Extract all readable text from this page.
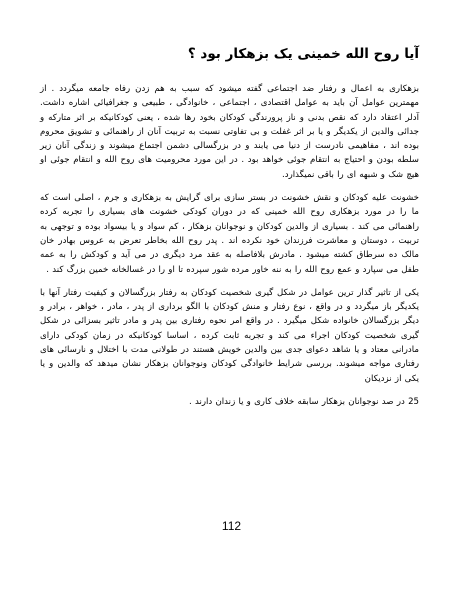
آیا روح الله خمینی یک بزهکار بود ؟

بزهکاری به اعمال و رفتار ضد اجتماعی گفته میشود که سبب به هم زدن رفاه جامعه میگردد . از مهمترین عوامل آن باید به عوامل اقتصادی ، اجتماعی ، خانوادگی ، طبیعی و جغرافیائی اشاره داشت. آدلر اعتقاد دارد که نقص بدنی و ناز پرورندگی کودکان بخود رها شده ، یعنی کودکانیکه بر اثر متارکه و جدائی والدین از یکدیگر و یا بر اثر غفلت و بی تفاوتی نسبت به تربیت آنان از راهنمائی و تشویق محروم بوده اند ، مفاهیمی نادرست از دنیا می یابند و در بزرگسالی دشمن اجتماع میشوند و زندگی آنان زیر سلطه بودن و احتیاج به انتقام جوئی خواهد بود . در این مورد محرومیت های روح الله و انتقام جوئی او هیچ شک و شبهه ای را باقی نمیگذارد.

خشونت علیه کودکان و نقش خشونت در بستر سازی برای گرایش به بزهکاری و جرم ، اصلی است که ما را در مورد بزهکاری روح الله خمینی که در دوران کودکی خشونت های بسیاری را تجربه کرده راهنمائی می کند . بسیاری از والدین کودکان و نوجوانان بزهکار ، کم سواد و یا بیسواد بوده و توجهی به تربیت ، دوستان و معاشرت فرزندان خود نکرده اند . پدر روح الله بخاطر تعرض به عروس بهادر خان مالک ده سرطاق کشته میشود . مادرش بلافاصله به عقد مرد دیگری در می آید و کودکش را به عمه طفل می سپارد و عمع روح الله را به ننه خاور مرده شور سپرده تا او را در غسالخانه خمین بزرگ کند .

یکی از تاثیر گذار ترین عوامل در شکل گیری شخصیت کودکان به رفتار بزرگسالان و کیفیت رفتار آنها با یکدیگر باز میگردد و در واقع ، نوع رفتار و منش کودکان با الگو برداری از پدر ، مادر ، خواهر ، برادر و دیگر بزرگسالان خانواده شکل میگیرد . در واقع امر نحوه رفتاری بین پدر و مادر تاثیر بسزائی در شکل گیری شخصیت کودکان اجراء می کند و تجربه ثابت کرده ، اساسا کودکانیکه در زمان کودکی دارای مادرانی معتاد و یا شاهد دعوای جدی بین والدین خویش هستند در طولانی مدت با اختلال و نارسائی های رفتاری مواجه میشوند. بررسی شرایط خانوادگی کودکان ونوجوانان بزهکار نشان میدهد که والدین و یا یکی از نزدیکان

25 در صد نوجوانان بزهکار سابقه خلاف کاری و یا زندان دارند .

112
